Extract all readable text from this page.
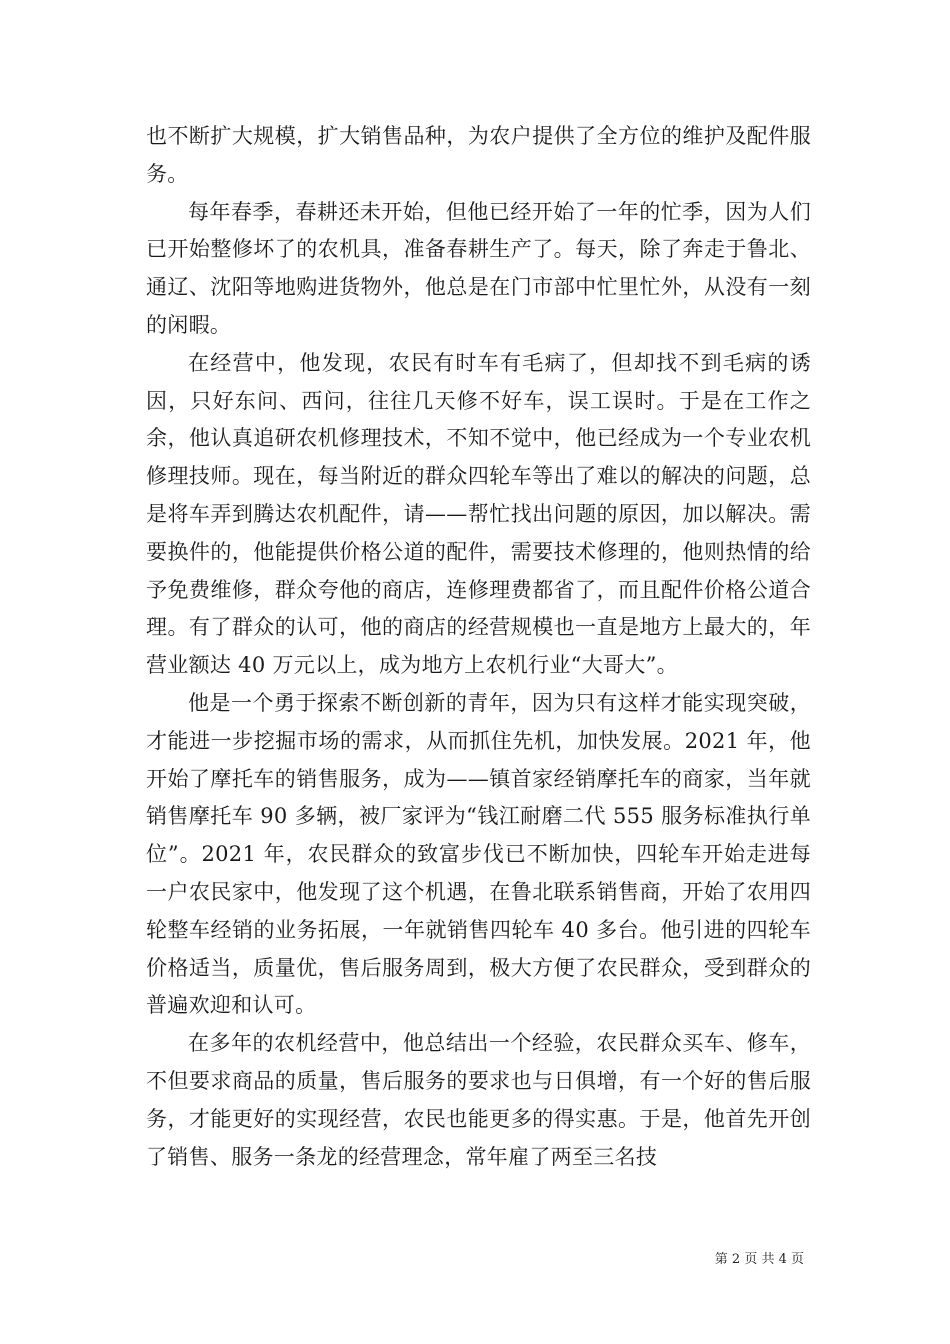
也不断扩大规模，扩大销售品种，为农户提供了全方位的维护及配件服务。

每年春季，春耕还未开始，但他已经开始了一年的忙季，因为人们已开始整修坏了的农机具，准备春耕生产了。每天，除了奔走于鲁北、通辽、沈阳等地购进货物外，他总是在门市部中忙里忙外，从没有一刻的闲暇。

在经营中，他发现，农民有时车有毛病了，但却找不到毛病的诱因，只好东问、西问，往往几天修不好车，误工误时。于是在工作之余，他认真追研农机修理技术，不知不觉中，他已经成为一个专业农机修理技师。现在，每当附近的群众四轮车等出了难以的解决的问题，总是将车弄到腾达农机配件，请——帮忙找出问题的原因，加以解决。需要换件的，他能提供价格公道的配件，需要技术修理的，他则热情的给予免费维修，群众夸他的商店，连修理费都省了，而且配件价格公道合理。有了群众的认可，他的商店的经营规模也一直是地方上最大的，年营业额达 40 万元以上，成为地方上农机行业“大哥大”。

他是一个勇于探索不断创新的青年，因为只有这样才能实现突破，才能进一步挖掘市场的需求，从而抓住先机，加快发展。2021 年，他开始了摩托车的销售服务，成为——镇首家经销摩托车的商家，当年就销售摩托车 90 多辆，被厂家评为“钱江耐磨二代 555 服务标准执行单位”。2021 年，农民群众的致富步伐已不断加快，四轮车开始走进每一户农民家中，他发现了这个机遇，在鲁北联系销售商，开始了农用四轮整车经销的业务拓展，一年就销售四轮车 40 多台。他引进的四轮车价格适当，质量优，售后服务周到，极大方便了农民群众，受到群众的普遍欢迎和认可。

在多年的农机经营中，他总结出一个经验，农民群众买车、修车，不但要求商品的质量，售后服务的要求也与日俱增，有一个好的售后服务，才能更好的实现经营，农民也能更多的得实惠。于是，他首先开创了销售、服务一条龙的经营理念，常年雇了两至三名技

第 2 页 共 4 页
